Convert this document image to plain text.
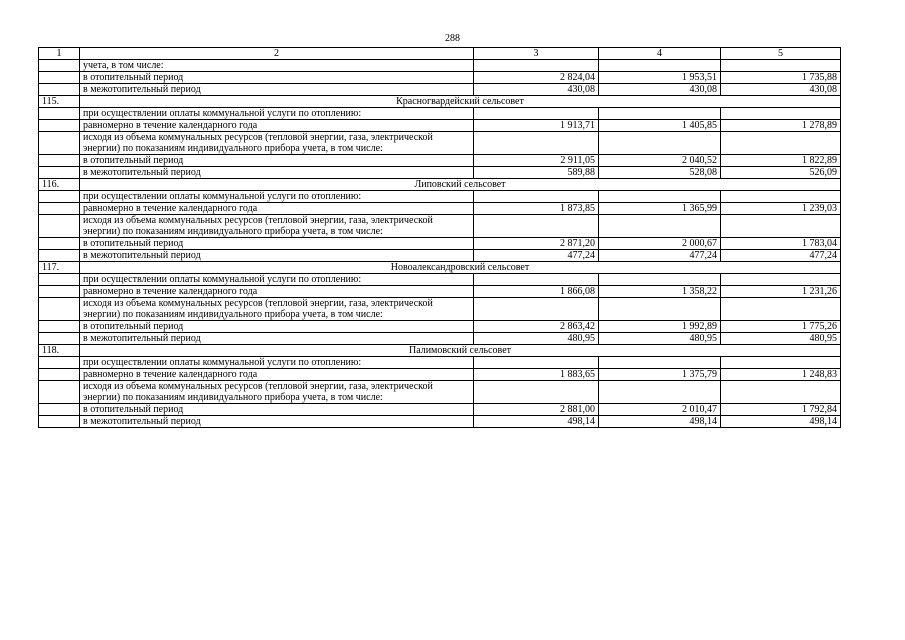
288
1	2	3	4	5
	учета, в том числе:			
	в отопительный период	2 824,04	1 953,51	1 735,88
	в межотопительный период	430,08	430,08	430,08
115.	Красногвардейский сельсовет			
	при осуществлении оплаты коммунальной услуги по отоплению:			
	равномерно в течение календарного года	1 913,71	1 405,85	1 278,89
	исходя из объема коммунальных ресурсов (тепловой энергии, газа, электрической энергии) по показаниям индивидуального прибора учета, в том числе:			
	в отопительный период	2 911,05	2 040,52	1 822,89
	в межотопительный период	589,88	528,08	526,09
116.	Липовский сельсовет			
	при осуществлении оплаты коммунальной услуги по отоплению:			
	равномерно в течение календарного года	1 873,85	1 365,99	1 239,03
	исходя из объема коммунальных ресурсов (тепловой энергии, газа, электрической энергии) по показаниям индивидуального прибора учета, в том числе:			
	в отопительный период	2 871,20	2 000,67	1 783,04
	в межотопительный период	477,24	477,24	477,24
117.	Новоалександровский сельсовет			
	при осуществлении оплаты коммунальной услуги по отоплению:			
	равномерно в течение календарного года	1 866,08	1 358,22	1 231,26
	исходя из объема коммунальных ресурсов (тепловой энергии, газа, электрической энергии) по показаниям индивидуального прибора учета, в том числе:			
	в отопительный период	2 863,42	1 992,89	1 775,26
	в межотопительный период	480,95	480,95	480,95
118.	Палимовский сельсовет			
	при осуществлении оплаты коммунальной услуги по отоплению:			
	равномерно в течение календарного года	1 883,65	1 375,79	1 248,83
	исходя из объема коммунальных ресурсов (тепловой энергии, газа, электрической энергии) по показаниям индивидуального прибора учета, в том числе:			
	в отопительный период	2 881,00	2 010,47	1 792,84
	в межотопительный период	498,14	498,14	498,14
